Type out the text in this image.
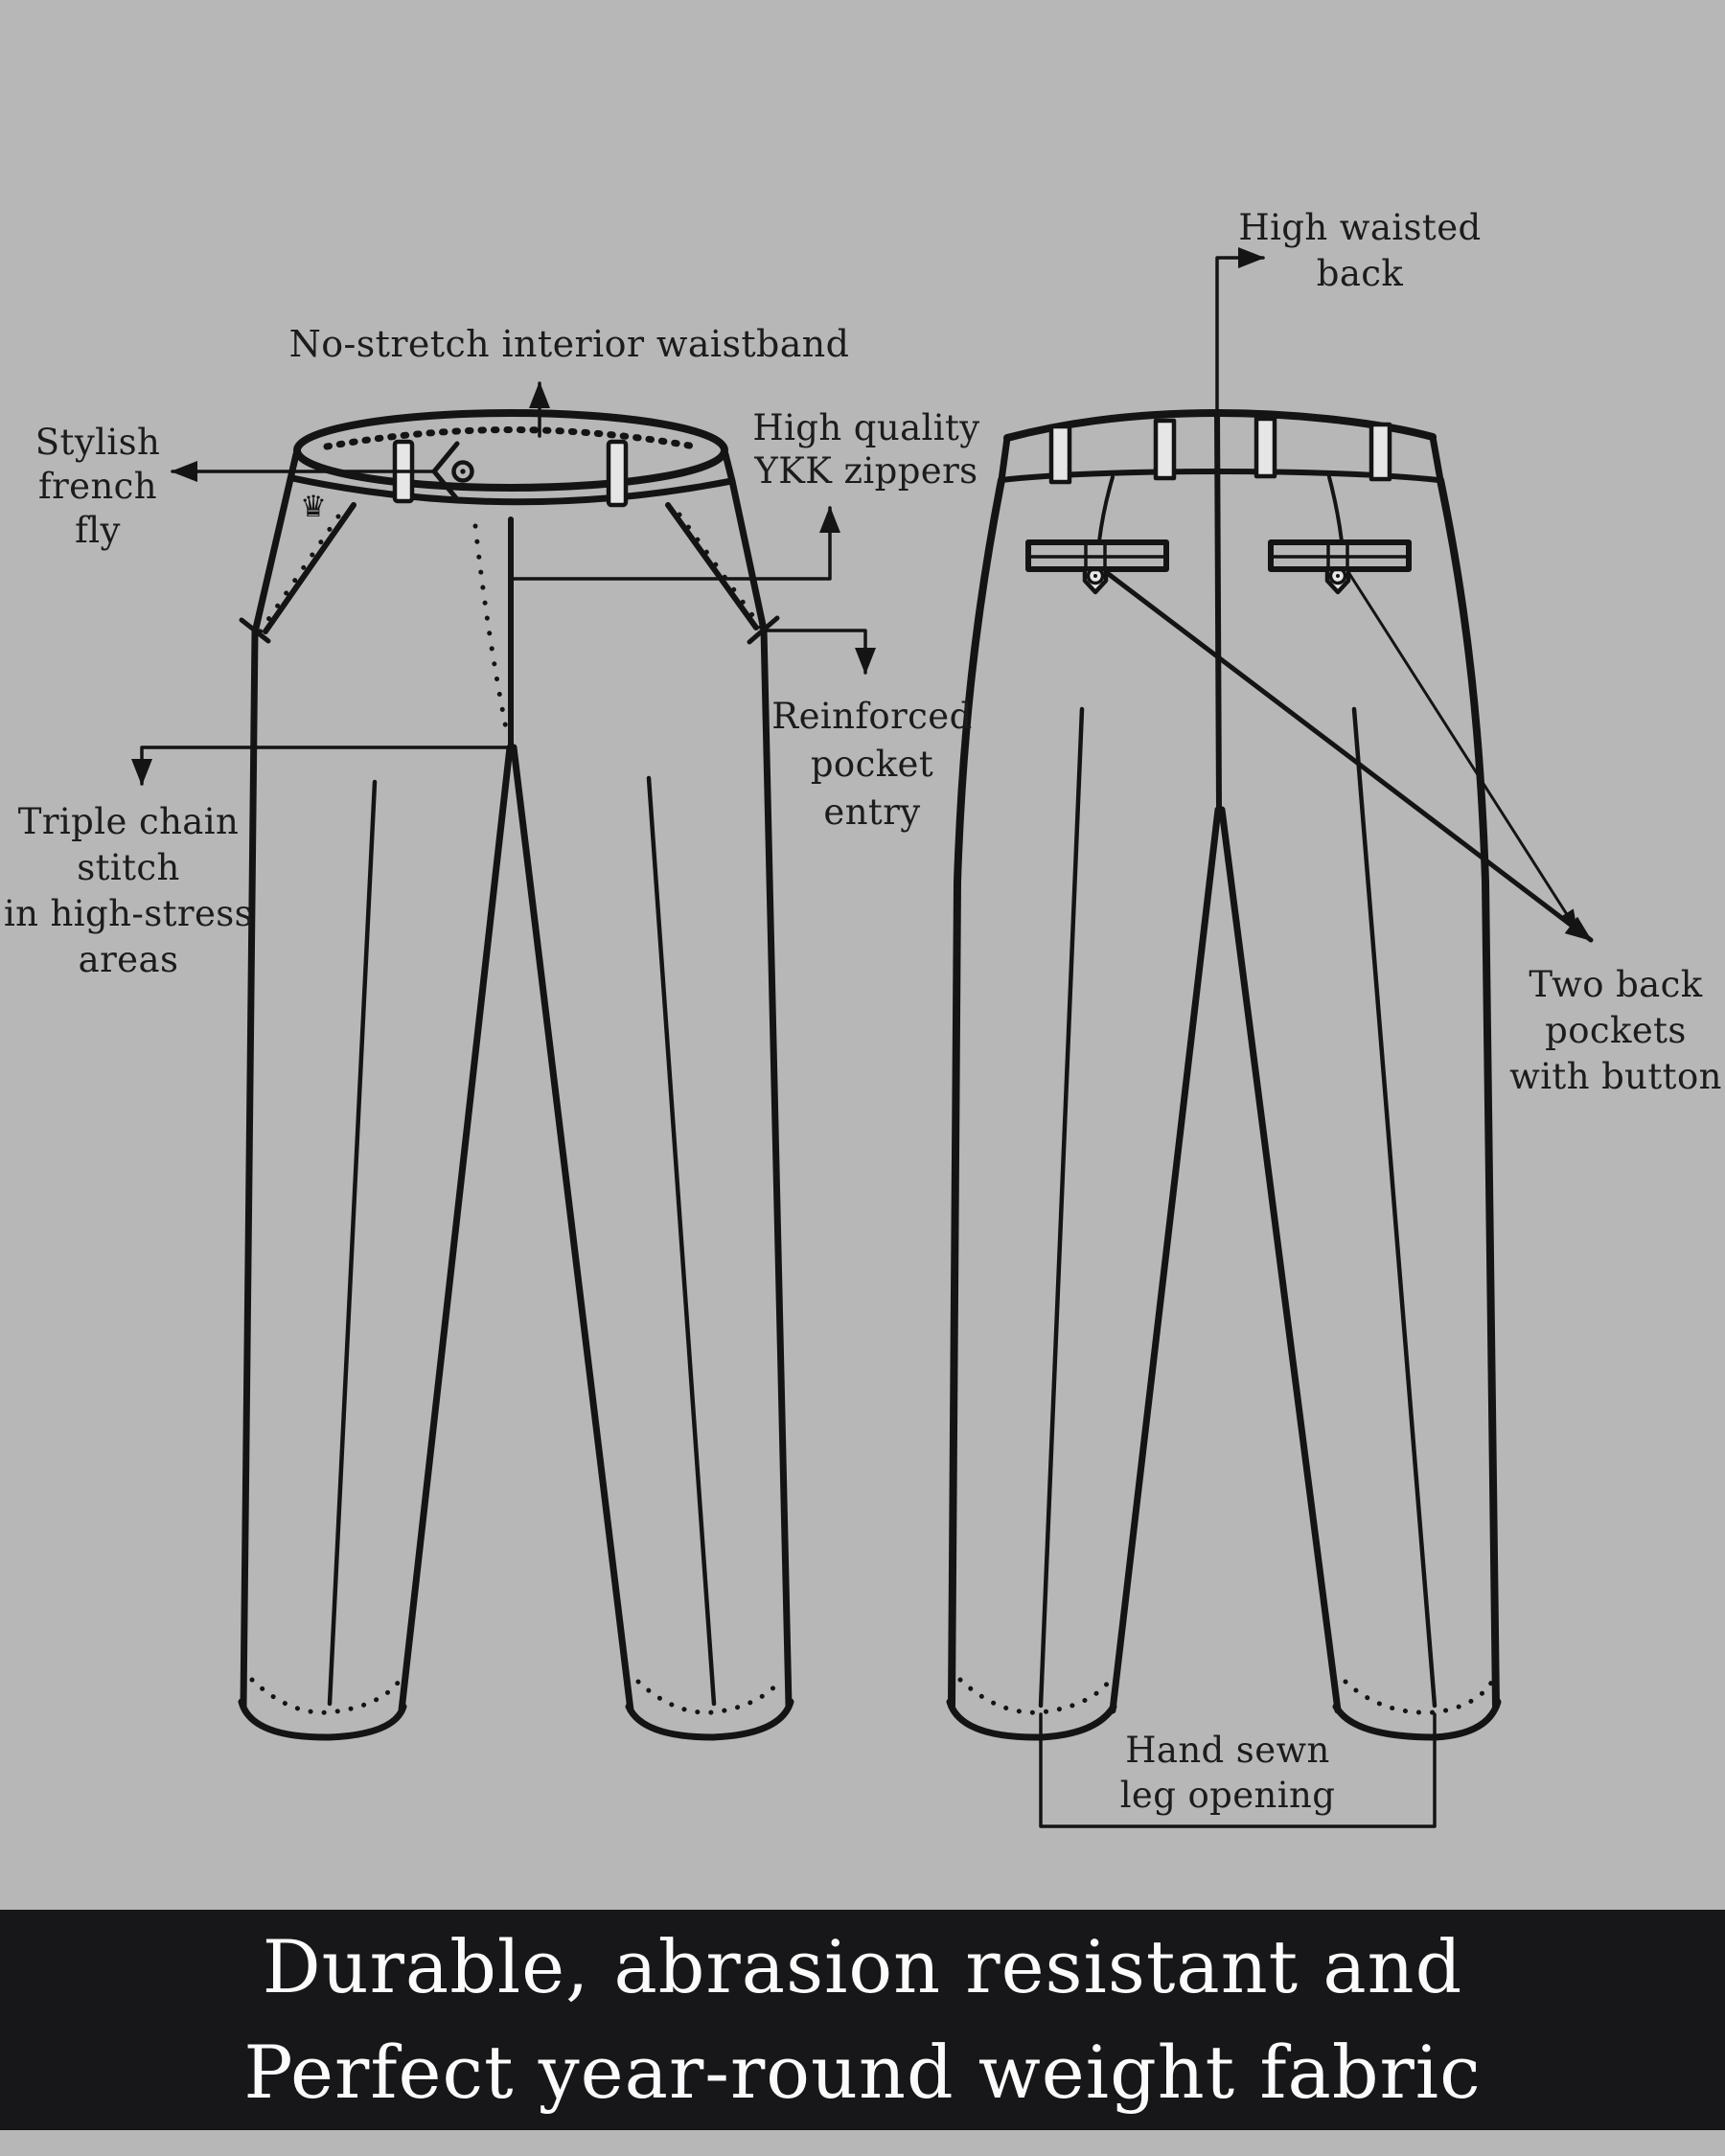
♛
No-stretch interior waistband
Stylish
french
fly
High quality
YKK zippers
Reinforced
pocket
entry
Triple chain
stitch
in high-stress
areas
High waisted
back
Two back
pockets
with button
Hand sewn
leg opening
Durable, abrasion resistant and
Perfect year-round weight fabric
